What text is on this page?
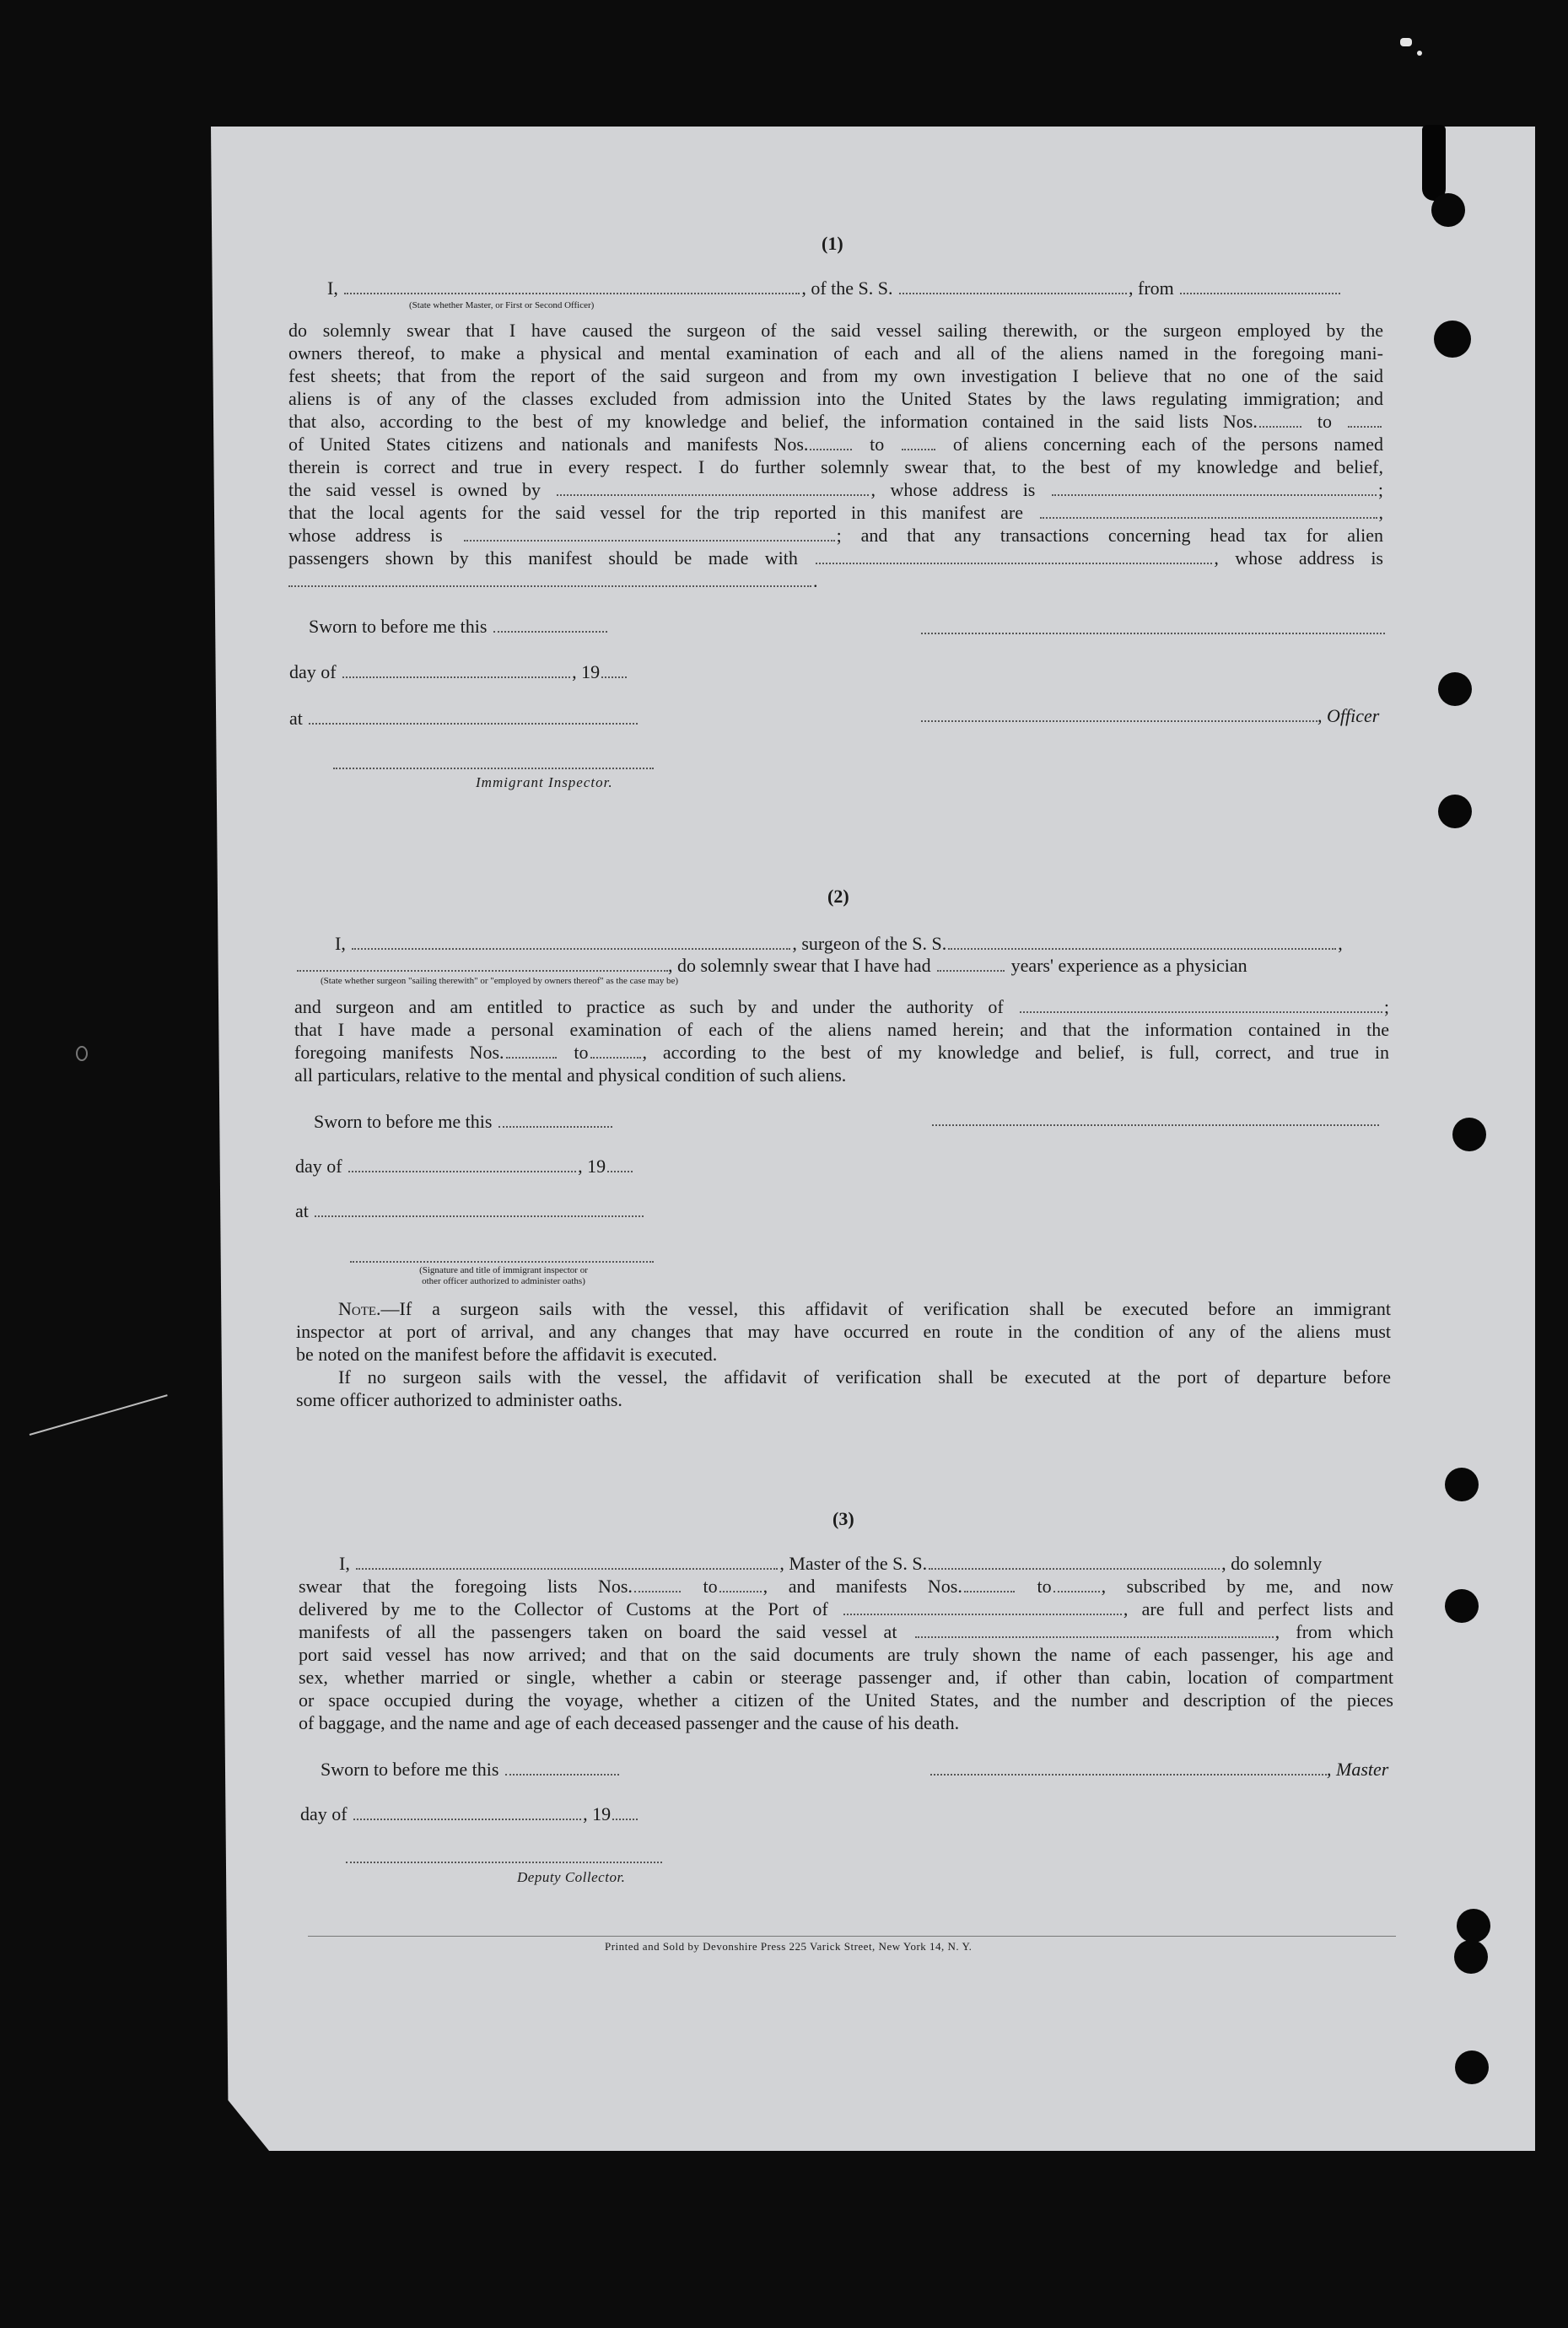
(1)
I,	, of the S. S.	, from
(State whether Master, or First or Second Officer)
do solemnly swear that I have caused the surgeon of the said vessel sailing therewith, or the surgeon employed by the
owners thereof, to make a physical and mental examination of each and all of the aliens named in the foregoing mani-
fest sheets; that from the report of the said surgeon and from my own investigation I believe that no one of the said
aliens is of any of the classes excluded from admission into the United States by the laws regulating immigration; and
that also, according to the best of my knowledge and belief, the information contained in the said lists Nos.	to
of United States citizens and nationals and manifests Nos.	to	of aliens concerning each of the persons named
therein is correct and true in every respect. I do further solemnly swear that, to the best of my knowledge and belief,
the said vessel is owned by	, whose address is	;
that the local agents for the said vessel for the trip reported in this manifest are	,
whose address is	; and that any transactions concerning head tax for alien
passengers shown by this manifest should be made with	, whose address is
.
Sworn to before me this
day of	, 19
at	, Officer
Immigrant Inspector.
(2)
I,	, surgeon of the S. S.	,
, do solemnly swear that I have had	years' experience as a physician
(State whether surgeon "sailing therewith" or "employed by owners thereof" as the case may be)
and surgeon and am entitled to practice as such by and under the authority of	;
that I have made a personal examination of each of the aliens named herein; and that the information contained in the
foregoing manifests Nos.	to	, according to the best of my knowledge and belief, is full, correct, and true in
all particulars, relative to the mental and physical condition of such aliens.
Sworn to before me this
day of	, 19
at
(Signature and title of immigrant inspector or
other officer authorized to administer oaths)
Note.—If a surgeon sails with the vessel, this affidavit of verification shall be executed before an immigrant
inspector at port of arrival, and any changes that may have occurred en route in the condition of any of the aliens must
be noted on the manifest before the affidavit is executed.
If no surgeon sails with the vessel, the affidavit of verification shall be executed at the port of departure before
some officer authorized to administer oaths.
(3)
I,	, Master of the S. S.	, do solemnly
swear that the foregoing lists Nos.	to , and manifests Nos.	to	, subscribed by me, and now
delivered by me to the Collector of Customs at the Port of	, are full and perfect lists and
manifests of all the passengers taken on board the said vessel at	, from which
port said vessel has now arrived; and that on the said documents are truly shown the name of each passenger, his age and
sex, whether married or single, whether a cabin or steerage passenger and, if other than cabin, location of compartment
or space occupied during the voyage, whether a citizen of the United States, and the number and description of the pieces
of baggage, and the name and age of each deceased passenger and the cause of his death.
Sworn to before me this	, Master
day of	, 19
Deputy Collector.
Printed and Sold by Devonshire Press 225 Varick Street, New York 14, N. Y.
